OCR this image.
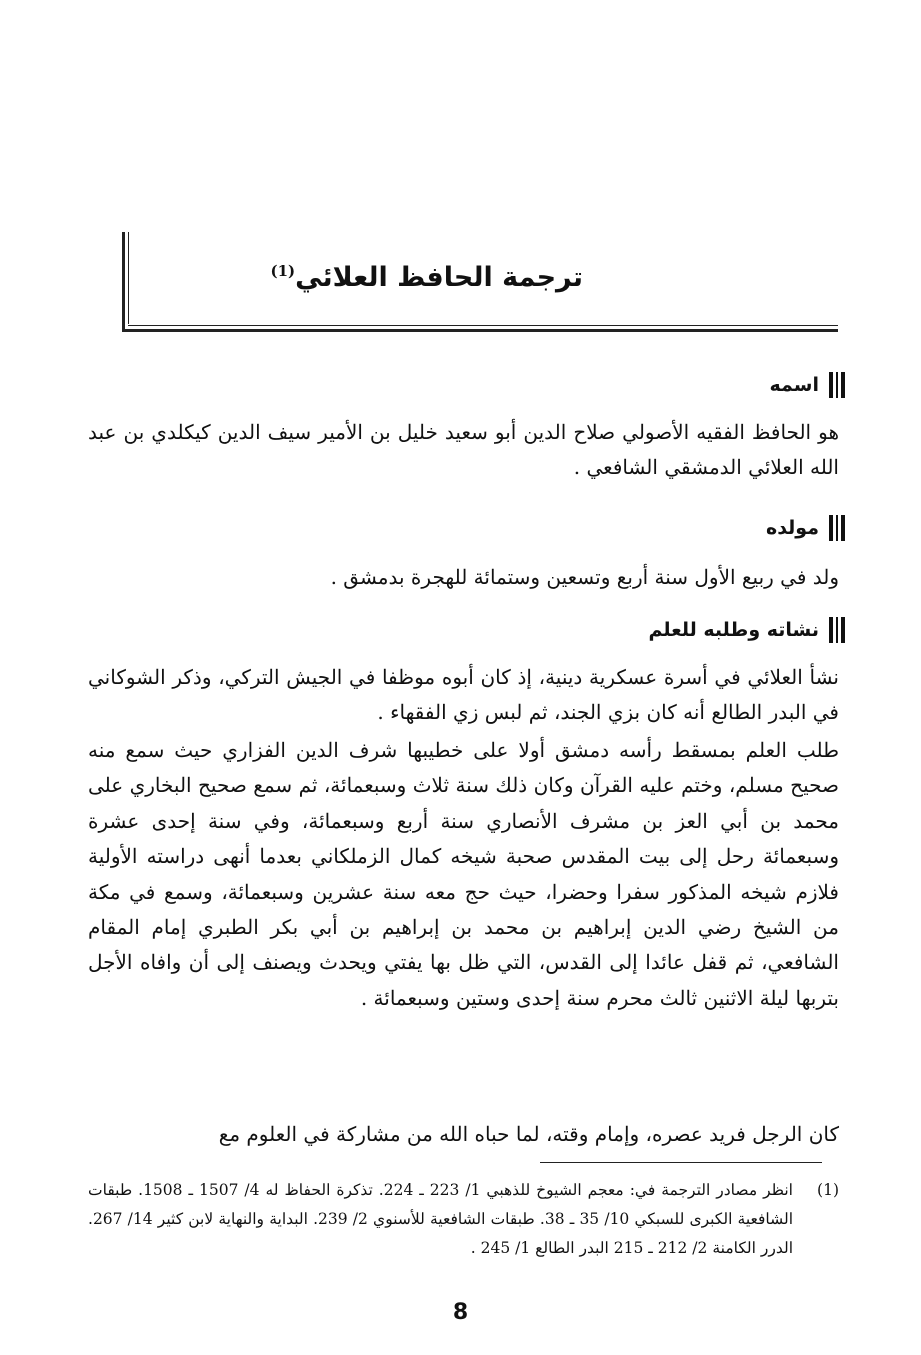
ترجمة الحافظ العلائي$^{(1)}$
اسمه

هو الحافظ الفقيه الأصولي صلاح الدين أبو سعيد خليل بن الأمير سيف الدين كيكلدي بن عبد الله العلائي الدمشقي الشافعي .

مولده

ولد في ربيع الأول سنة أربع وتسعين وستمائة للهجرة بدمشق .

نشاته وطلبه للعلم

نشأ العلائي في أسرة عسكرية دينية، إذ كان أبوه موظفا في الجيش التركي، وذكر الشوكاني في البدر الطالع أنه كان بزي الجند، ثم لبس زي الفقهاء .

طلب العلم بمسقط رأسه دمشق أولا على خطيبها شرف الدين الفزاري حيث سمع منه صحيح مسلم، وختم عليه القرآن وكان ذلك سنة ثلاث وسبعمائة، ثم سمع صحيح البخاري على محمد بن أبي العز بن مشرف الأنصاري سنة أربع وسبعمائة، وفي سنة إحدى عشرة وسبعمائة رحل إلى بيت المقدس صحبة شيخه كمال الزملكاني بعدما أنهى دراسته الأولية فلازم شيخه المذكور سفرا وحضرا، حيث حج معه سنة عشرين وسبعمائة، وسمع في مكة من الشيخ رضي الدين إبراهيم بن محمد بن إبراهيم بن أبي بكر الطبري إمام المقام الشافعي، ثم قفل عائدا إلى القدس، التي ظل بها يفتي ويحدث ويصنف إلى أن وافاه الأجل بتربها ليلة الاثنين ثالث محرم سنة إحدى وستين وسبعمائة .

كان الرجل فريد عصره، وإمام وقته، لما حباه الله من مشاركة في العلوم مع

(1)
انظر مصادر الترجمة في: معجم الشيوخ للذهبي 1/ 223 ـ 224. تذكرة الحفاظ له 4/ 1507 ـ 1508. طبقات الشافعية الكبرى للسبكي 10/ 35 ـ 38. طبقات الشافعية للأسنوي 2/ 239. البداية والنهاية لابن كثير 14/ 267. الدرر الكامنة 2/ 212 ـ 215 البدر الطالع 1/ 245 .
8
